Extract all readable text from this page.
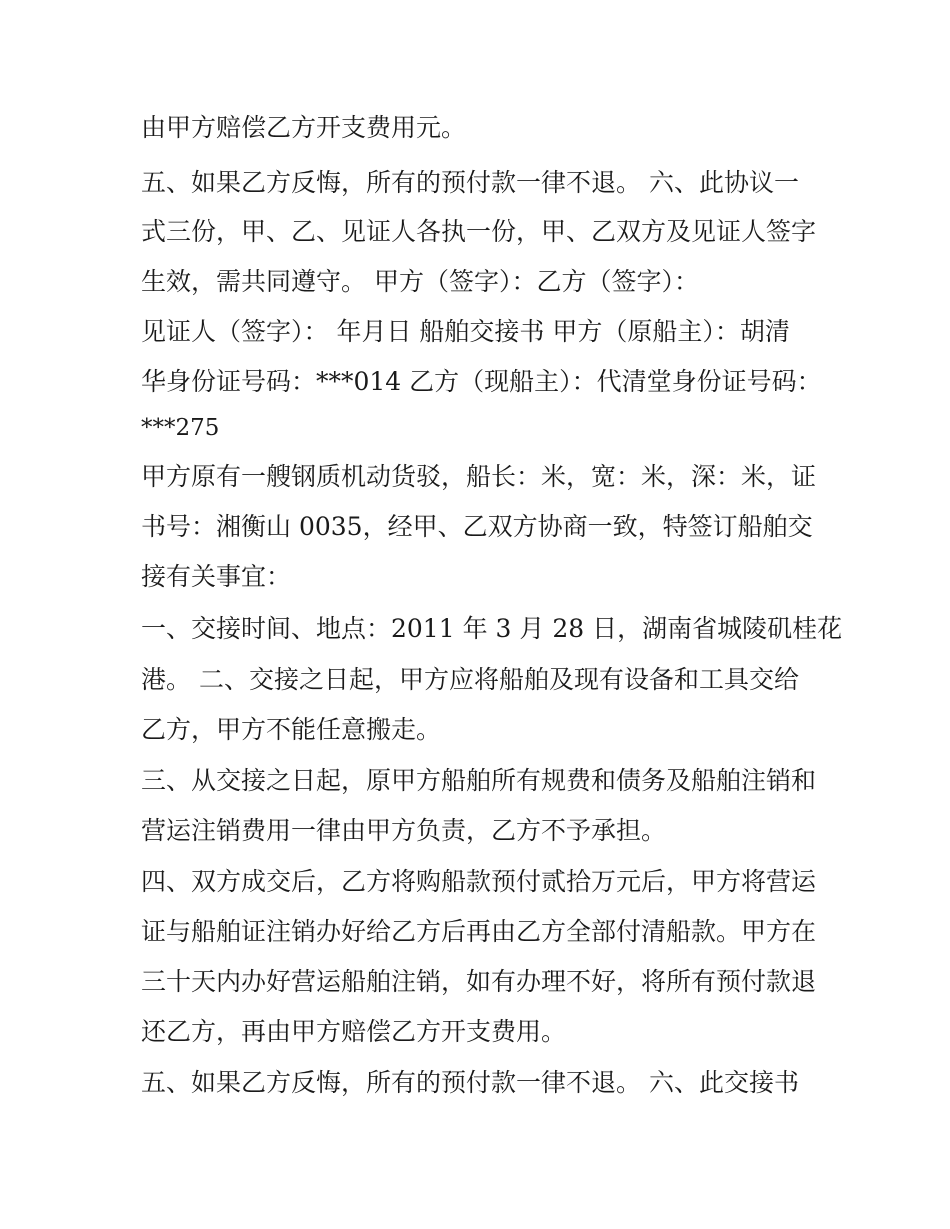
由甲方赔偿乙方开支费用元。

五、如果乙方反悔，所有的预付款一律不退。 六、此协议一

式三份，甲、乙、见证人各执一份，甲、乙双方及见证人签字

生效，需共同遵守。 甲方（签字）：乙方（签字）：

见证人（签字）： 年月日 船舶交接书 甲方（原船主）：胡清

华身份证号码：***014 乙方（现船主）：代清堂身份证号码：

***275

甲方原有一艘钢质机动货驳，船长：米，宽：米，深：米，证

书号：湘衡山 0035，经甲、乙双方协商一致，特签订船舶交

接有关事宜：

一、交接时间、地点：2011 年 3 月 28 日，湖南省城陵矶桂花

港。 二、交接之日起，甲方应将船舶及现有设备和工具交给

乙方，甲方不能任意搬走。

三、从交接之日起，原甲方船舶所有规费和债务及船舶注销和

营运注销费用一律由甲方负责，乙方不予承担。

四、双方成交后，乙方将购船款预付贰拾万元后，甲方将营运

证与船舶证注销办好给乙方后再由乙方全部付清船款。甲方在

三十天内办好营运船舶注销，如有办理不好，将所有预付款退

还乙方，再由甲方赔偿乙方开支费用。

五、如果乙方反悔，所有的预付款一律不退。 六、此交接书
